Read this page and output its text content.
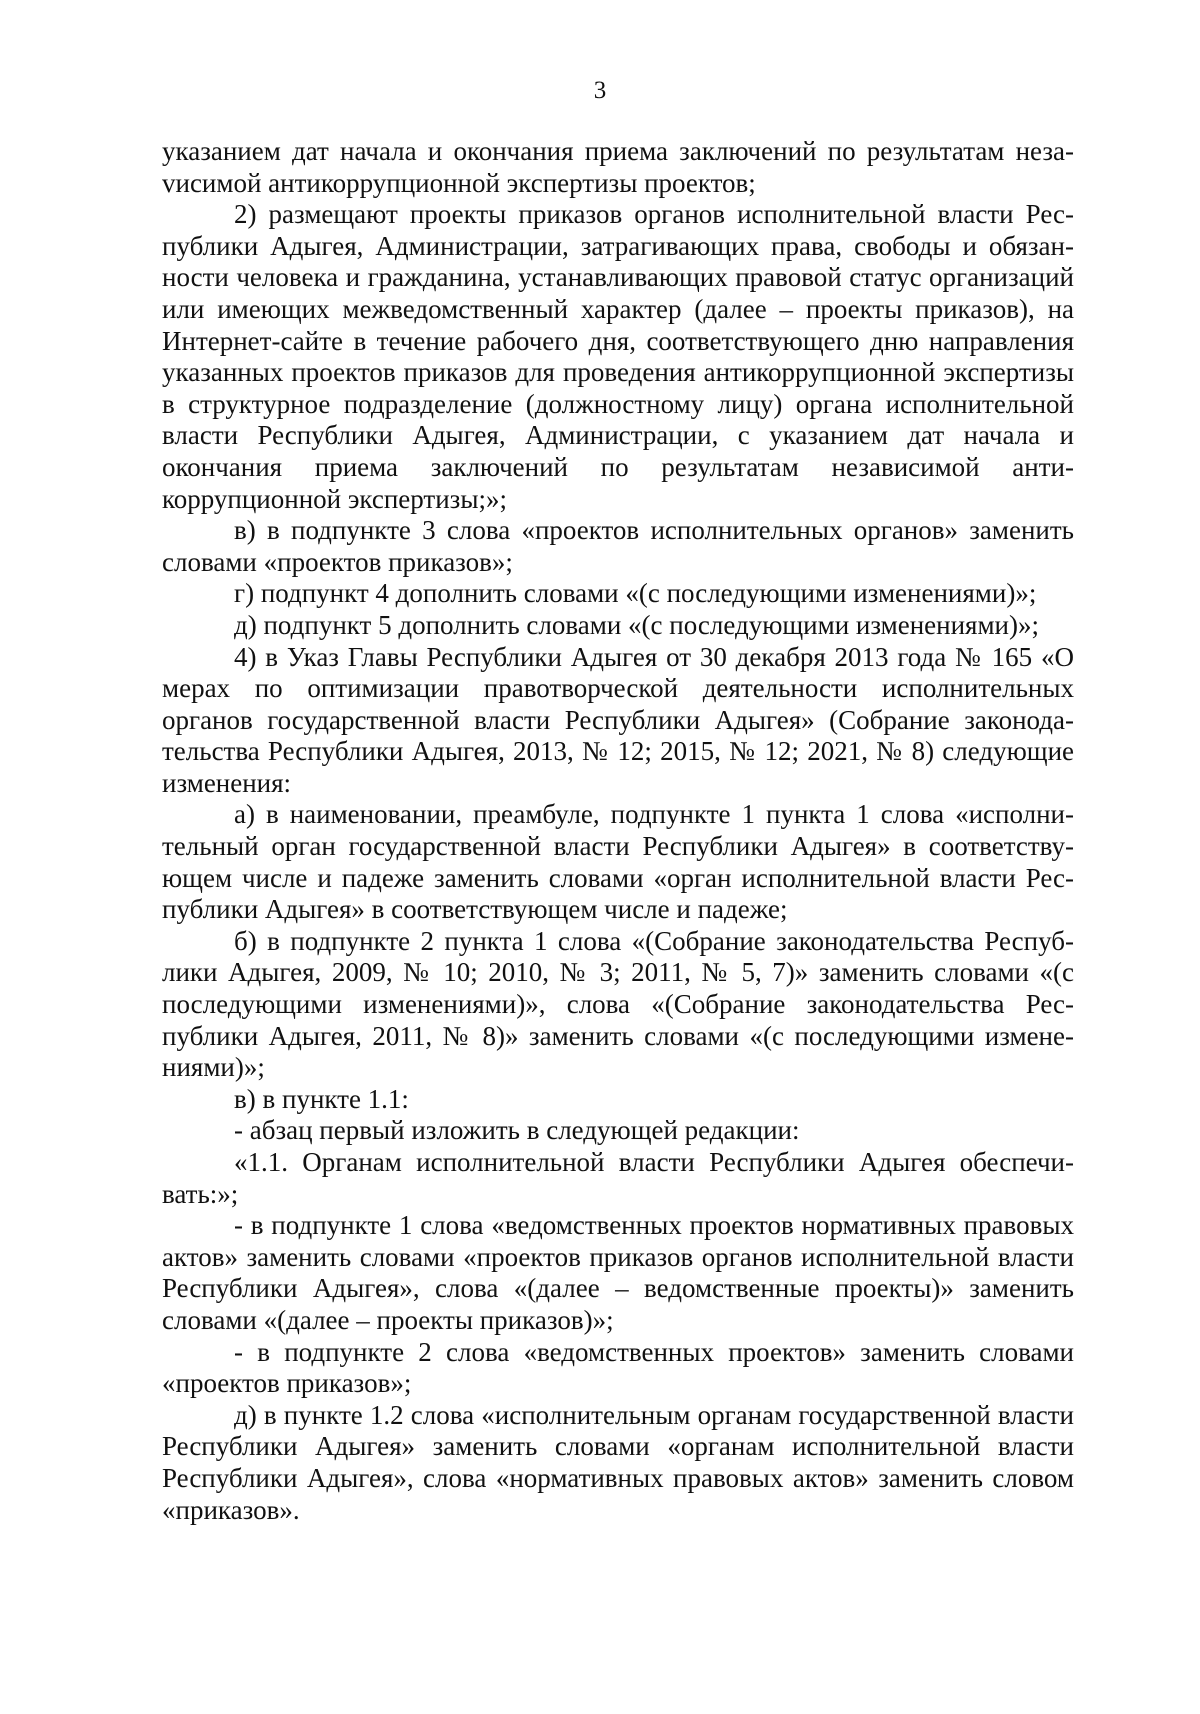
3

указанием дат начала и окончания приема заключений по результатам незаvисимой антикоррупционной экспертизы проектов;

2) размещают проекты приказов органов исполнительной власти Республики Адыгея, Администрации, затрагивающих права, свободы и обязанности человека и гражданина, устанавливающих правовой статус организаций или имеющих межведомственный характер (далее – проекты приказов), на Интернет-сайте в течение рабочего дня, соответствующего дню направления указанных проектов приказов для проведения антикоррупционной экспертизы в структурное подразделение (должностному лицу) органа исполнительной власти Республики Адыгея, Администрации, с указанием дат начала и окончания приема заключений по результатам независимой антикоррупционной экспертизы;»;

в) в подпункте 3 слова «проектов исполнительных органов» заменить словами «проектов приказов»;

г) подпункт 4 дополнить словами «(с последующими изменениями)»;

д) подпункт 5 дополнить словами «(с последующими изменениями)»;

4) в Указ Главы Республики Адыгея от 30 декабря 2013 года № 165 «О мерах по оптимизации правотворческой деятельности исполнительных органов государственной власти Республики Адыгея» (Собрание законодательства Республики Адыгея, 2013, № 12; 2015, № 12; 2021, № 8) следующие изменения:

а) в наименовании, преамбуле, подпункте 1 пункта 1 слова «исполнительный орган государственной власти Республики Адыгея» в соответствующем числе и падеже заменить словами «орган исполнительной власти Республики Адыгея» в соответствующем числе и падеже;

б) в подпункте 2 пункта 1 слова «(Собрание законодательства Республики Адыгея, 2009, № 10; 2010, № 3; 2011, № 5, 7)» заменить словами «(с последующими изменениями)», слова «(Собрание законодательства Республики Адыгея, 2011, № 8)» заменить словами «(с последующими изменениями)»;

в) в пункте 1.1:

- абзац первый изложить в следующей редакции:

«1.1. Органам исполнительной власти Республики Адыгея обеспечивать:»;

- в подпункте 1 слова «ведомственных проектов нормативных правовых актов» заменить словами «проектов приказов органов исполнительной власти Республики Адыгея», слова «(далее – ведомственные проекты)» заменить словами «(далее – проекты приказов)»;

- в подпункте 2 слова «ведомственных проектов» заменить словами «проектов приказов»;

д) в пункте 1.2 слова «исполнительным органам государственной власти Республики Адыгея» заменить словами «органам исполнительной власти Республики Адыгея», слова «нормативных правовых актов» заменить словом «приказов».
